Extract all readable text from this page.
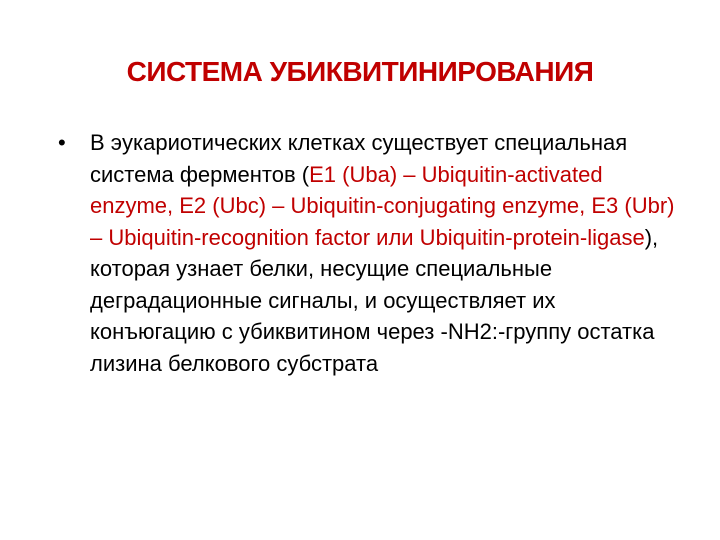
СИСТЕМА УБИКВИТИНИРОВАНИЯ
• В эукариотических клетках существует специальная система ферментов (E1 (Uba) – Ubiquitin-activated enzyme, E2 (Ubc) – Ubiquitin-conjugating enzyme, E3 (Ubr) – Ubiquitin-recognition factor или Ubiquitin-protein-ligase), которая узнает белки, несущие специальные деградационные сигналы, и осуществляет их конъюгацию с убиквитином через -NH2:-группу остатка лизина белкового субстрата
